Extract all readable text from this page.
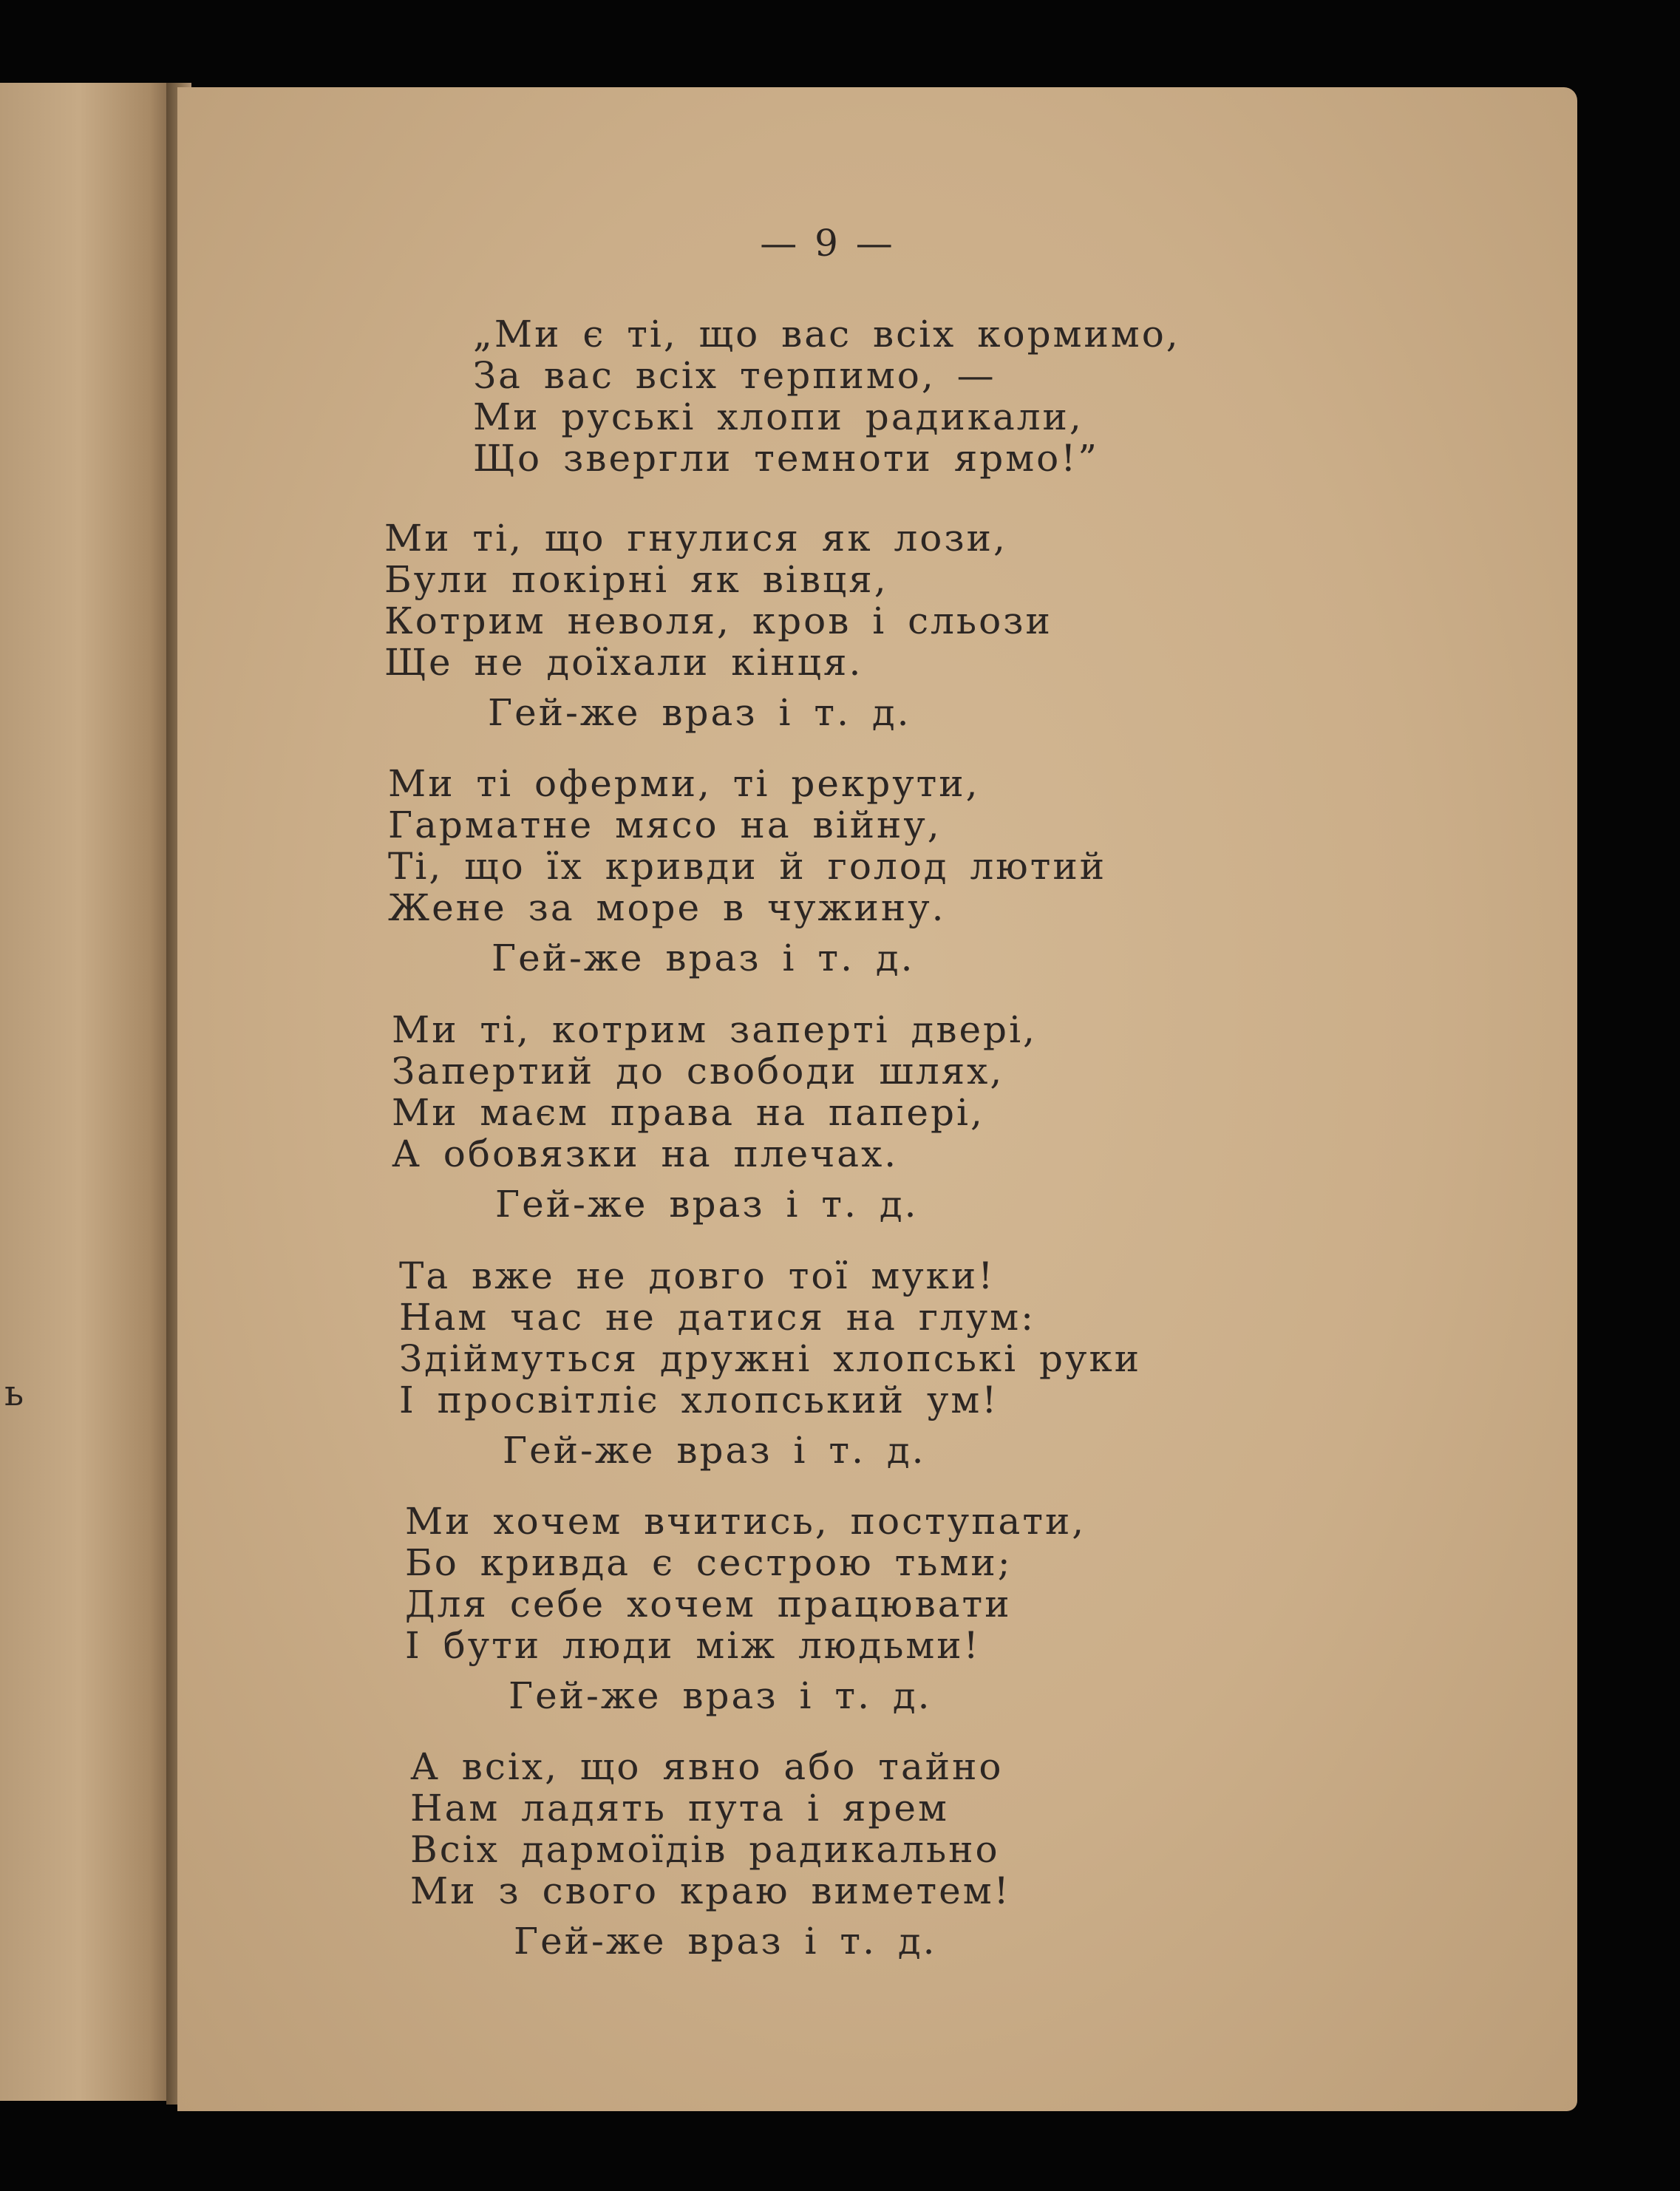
ь
— 9 —
„Ми є ті, що вас всіх кормимо,
За вас всіх терпимо, —
Ми руські хлопи радикали,
Що звергли темноти ярмо!”
Ми ті, що гнулися як лози,
Були покірні як вівця,
Котрим неволя, кров і сльози
Ще не доїхали кінця.
Гей-же враз і т. д.
Ми ті оферми, ті рекрути,
Гарматне мясо на війну,
Ті, що їх кривди й голод лютий
Жене за море в чужину.
Гей-же враз і т. д.
Ми ті, котрим заперті двері,
Запертий до свободи шлях,
Ми маєм права на папері,
А обовязки на плечах.
Гей-же враз і т. д.
Та вже не довго тої муки!
Нам час не датися на глум:
Здіймуться дружні хлопські руки
І просвітліє хлопський ум!
Гей-же враз і т. д.
Ми хочем вчитись, поступати,
Бо кривда є сестрою тьми;
Для себе хочем працювати
І бути люди між людьми!
Гей-же враз і т. д.
А всіх, що явно або тайно
Нам ладять пута і ярем
Всіх дармоїдів радикально
Ми з свого краю виметем!
Гей-же враз і т. д.
